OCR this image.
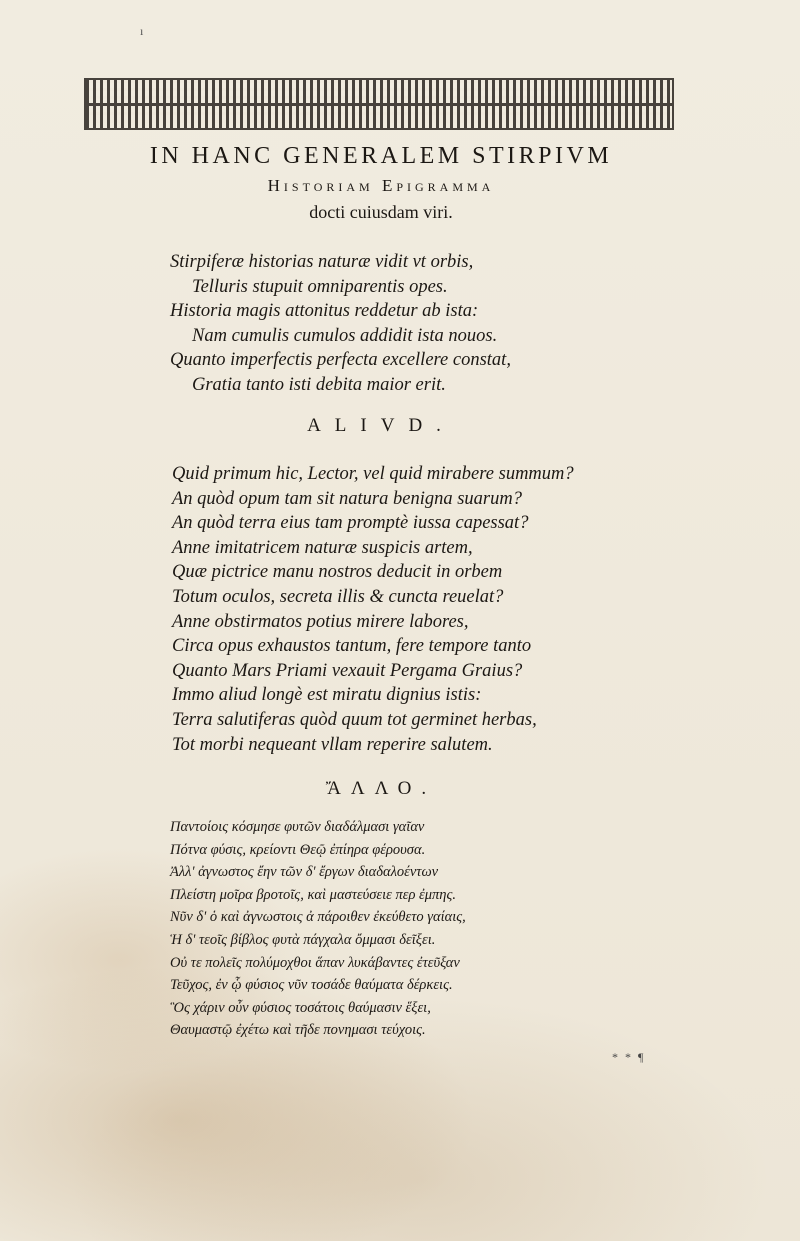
ı
IN HANC GENERALEM STIRPIVM
Historiam Epigramma
docti cuiusdam viri.
Stirpiferæ historias naturæ vidit vt orbis,
Telluris stupuit omniparentis opes.
Historia magis attonitus reddetur ab ista:
Nam cumulis cumulos addidit ista nouos.
Quanto imperfectis perfecta excellere constat,
Gratia tanto isti debita maior erit.
ALIVD.
Quid primum hic, Lector, vel quid mirabere summum?
An quòd opum tam sit natura benigna suarum?
An quòd terra eius tam promptè iussa capessat?
Anne imitatricem naturæ suspicis artem,
Quæ pictrice manu nostros deducit in orbem
Totum oculos, secreta illis & cuncta reuelat?
Anne obstirmatos potius mirere labores,
Circa opus exhaustos tantum, fere tempore tanto
Quanto Mars Priami vexauit Pergama Graius?
Immo aliud longè est miratu dignius istis:
Terra salutiferas quòd quum tot germinet herbas,
Tot morbi nequeant vllam reperire salutem.
ἌΛΛΟ.
Παντοίοις κόσμησε φυτῶν διαδάλμασι γαῖαν
Πότνα φύσις, κρείοντι Θεῷ ἐπίηρα φέρουσα.
Ἀλλ' ἀγνωστος ἔην τῶν δ' ἔργων διαδαλοέντων
Πλείστη μοῖρα βροτοῖς, καὶ μαστεύσειε περ ἐμπης.
Νῦν δ' ὁ καὶ ἀγνωστοις ἀ πάροιθεν ἐκεύθετο γαίαις,
Ἡ δ' τεοῖς βίβλος φυτὰ πάγχαλα ὄμμασι δεῖξει.
Οὐ τε πολεῖς πολύμοχθοι ἅπαν λυκάβαντες ἐτεῦξαν
Τεῦχος, ἐν ᾧ φύσιος νῦν τοσάδε θαύματα δέρκεις.
Ὃς χάριν οὖν φύσιος τοσάτοις θαύμασιν ἕξει,
Θαυμαστῷ ἐχέτω καὶ τῆδε πονημασι τεύχοις.
* * ¶
